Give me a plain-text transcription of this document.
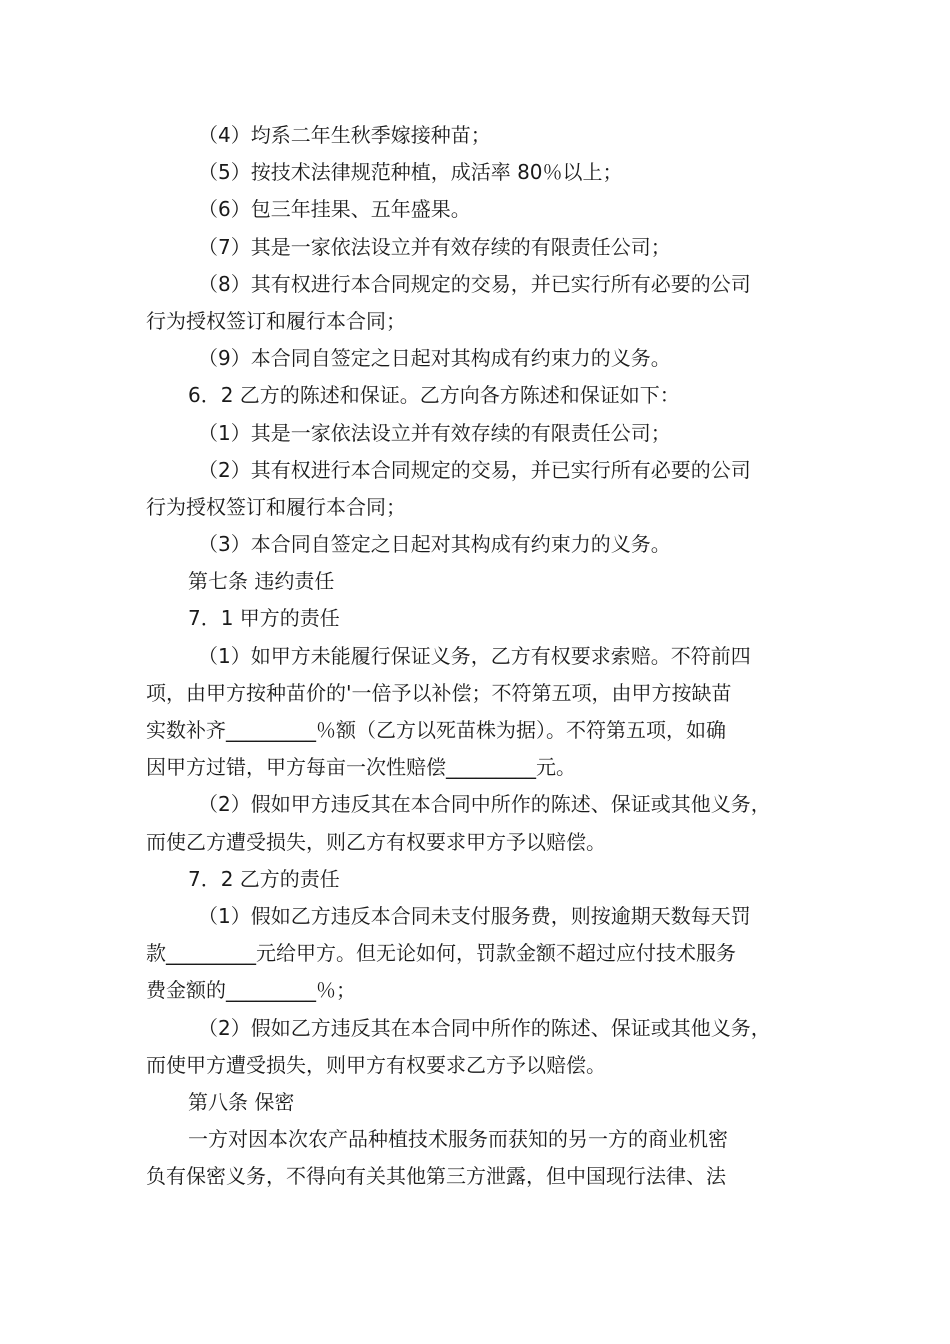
（4）均系二年生秋季嫁接种苗；
（5）按技术法律规范种植，成活率 80％以上；
（6）包三年挂果、五年盛果。
（7）其是一家依法设立并有效存续的有限责任公司；
（8）其有权进行本合同规定的交易，并已实行所有必要的公司
行为授权签订和履行本合同；
（9）本合同自签定之日起对其构成有约束力的义务。
6．2 乙方的陈述和保证。乙方向各方陈述和保证如下：
（1）其是一家依法设立并有效存续的有限责任公司；
（2）其有权进行本合同规定的交易，并已实行所有必要的公司
行为授权签订和履行本合同；
（3）本合同自签定之日起对其构成有约束力的义务。
第七条 违约责任
7．1 甲方的责任
（1）如甲方未能履行保证义务，乙方有权要求索赔。不符前四
项，由甲方按种苗价的'一倍予以补偿；不符第五项，由甲方按缺苗
实数补齐_________％额（乙方以死苗株为据）。不符第五项，如确
因甲方过错，甲方每亩一次性赔偿_________元。
（2）假如甲方违反其在本合同中所作的陈述、保证或其他义务，
而使乙方遭受损失，则乙方有权要求甲方予以赔偿。
7．2 乙方的责任
（1）假如乙方违反本合同未支付服务费，则按逾期天数每天罚
款_________元给甲方。但无论如何，罚款金额不超过应付技术服务
费金额的_________％；
（2）假如乙方违反其在本合同中所作的陈述、保证或其他义务，
而使甲方遭受损失，则甲方有权要求乙方予以赔偿。
第八条 保密
一方对因本次农产品种植技术服务而获知的另一方的商业机密
负有保密义务，不得向有关其他第三方泄露，但中国现行法律、法
